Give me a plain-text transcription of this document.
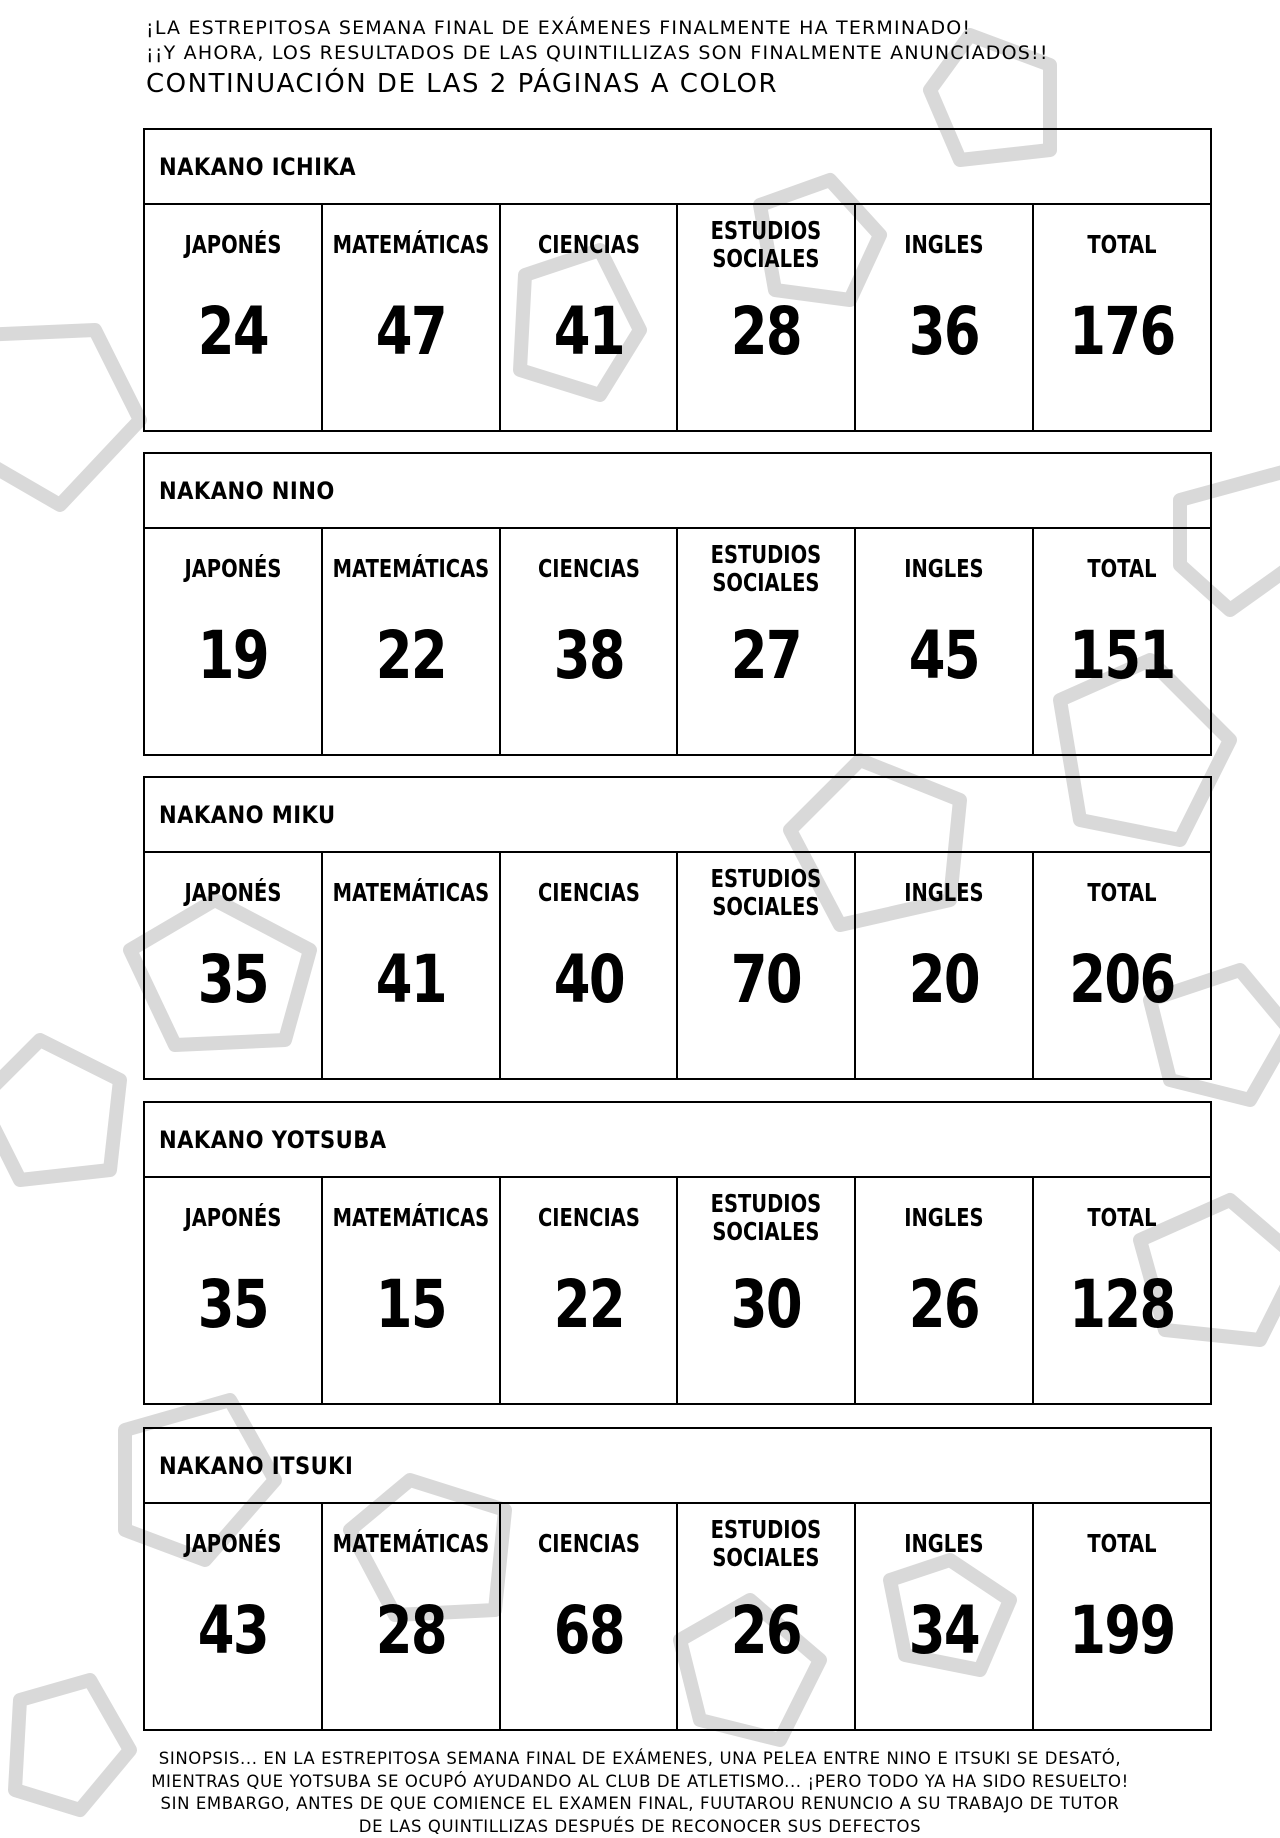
¡LA ESTREPITOSA SEMANA FINAL DE EXÁMENES FINALMENTE HA TERMINADO!
¡¡Y AHORA, LOS RESULTADOS DE LAS QUINTILLIZAS SON FINALMENTE ANUNCIADOS!!
CONTINUACIÓN DE LAS 2 PÁGINAS A COLOR
NAKANO ICHIKA
JAPONÉS
24
MATEMÁTICAS
47
CIENCIAS
41
ESTUDIOS
SOCIALES
28
INGLES
36
TOTAL
176
NAKANO NINO
JAPONÉS
19
MATEMÁTICAS
22
CIENCIAS
38
ESTUDIOS
SOCIALES
27
INGLES
45
TOTAL
151
NAKANO MIKU
JAPONÉS
35
MATEMÁTICAS
41
CIENCIAS
40
ESTUDIOS
SOCIALES
70
INGLES
20
TOTAL
206
NAKANO YOTSUBA
JAPONÉS
35
MATEMÁTICAS
15
CIENCIAS
22
ESTUDIOS
SOCIALES
30
INGLES
26
TOTAL
128
NAKANO ITSUKI
JAPONÉS
43
MATEMÁTICAS
28
CIENCIAS
68
ESTUDIOS
SOCIALES
26
INGLES
34
TOTAL
199
SINOPSIS... EN LA ESTREPITOSA SEMANA FINAL DE EXÁMENES, UNA PELEA ENTRE NINO E ITSUKI SE DESATÓ,
MIENTRAS QUE YOTSUBA SE OCUPÓ AYUDANDO AL CLUB DE ATLETISMO... ¡PERO TODO YA HA SIDO RESUELTO!
SIN EMBARGO, ANTES DE QUE COMIENCE EL EXAMEN FINAL, FUUTAROU RENUNCIO A SU TRABAJO DE TUTOR
DE LAS QUINTILLIZAS DESPUÉS DE RECONOCER SUS DEFECTOS
